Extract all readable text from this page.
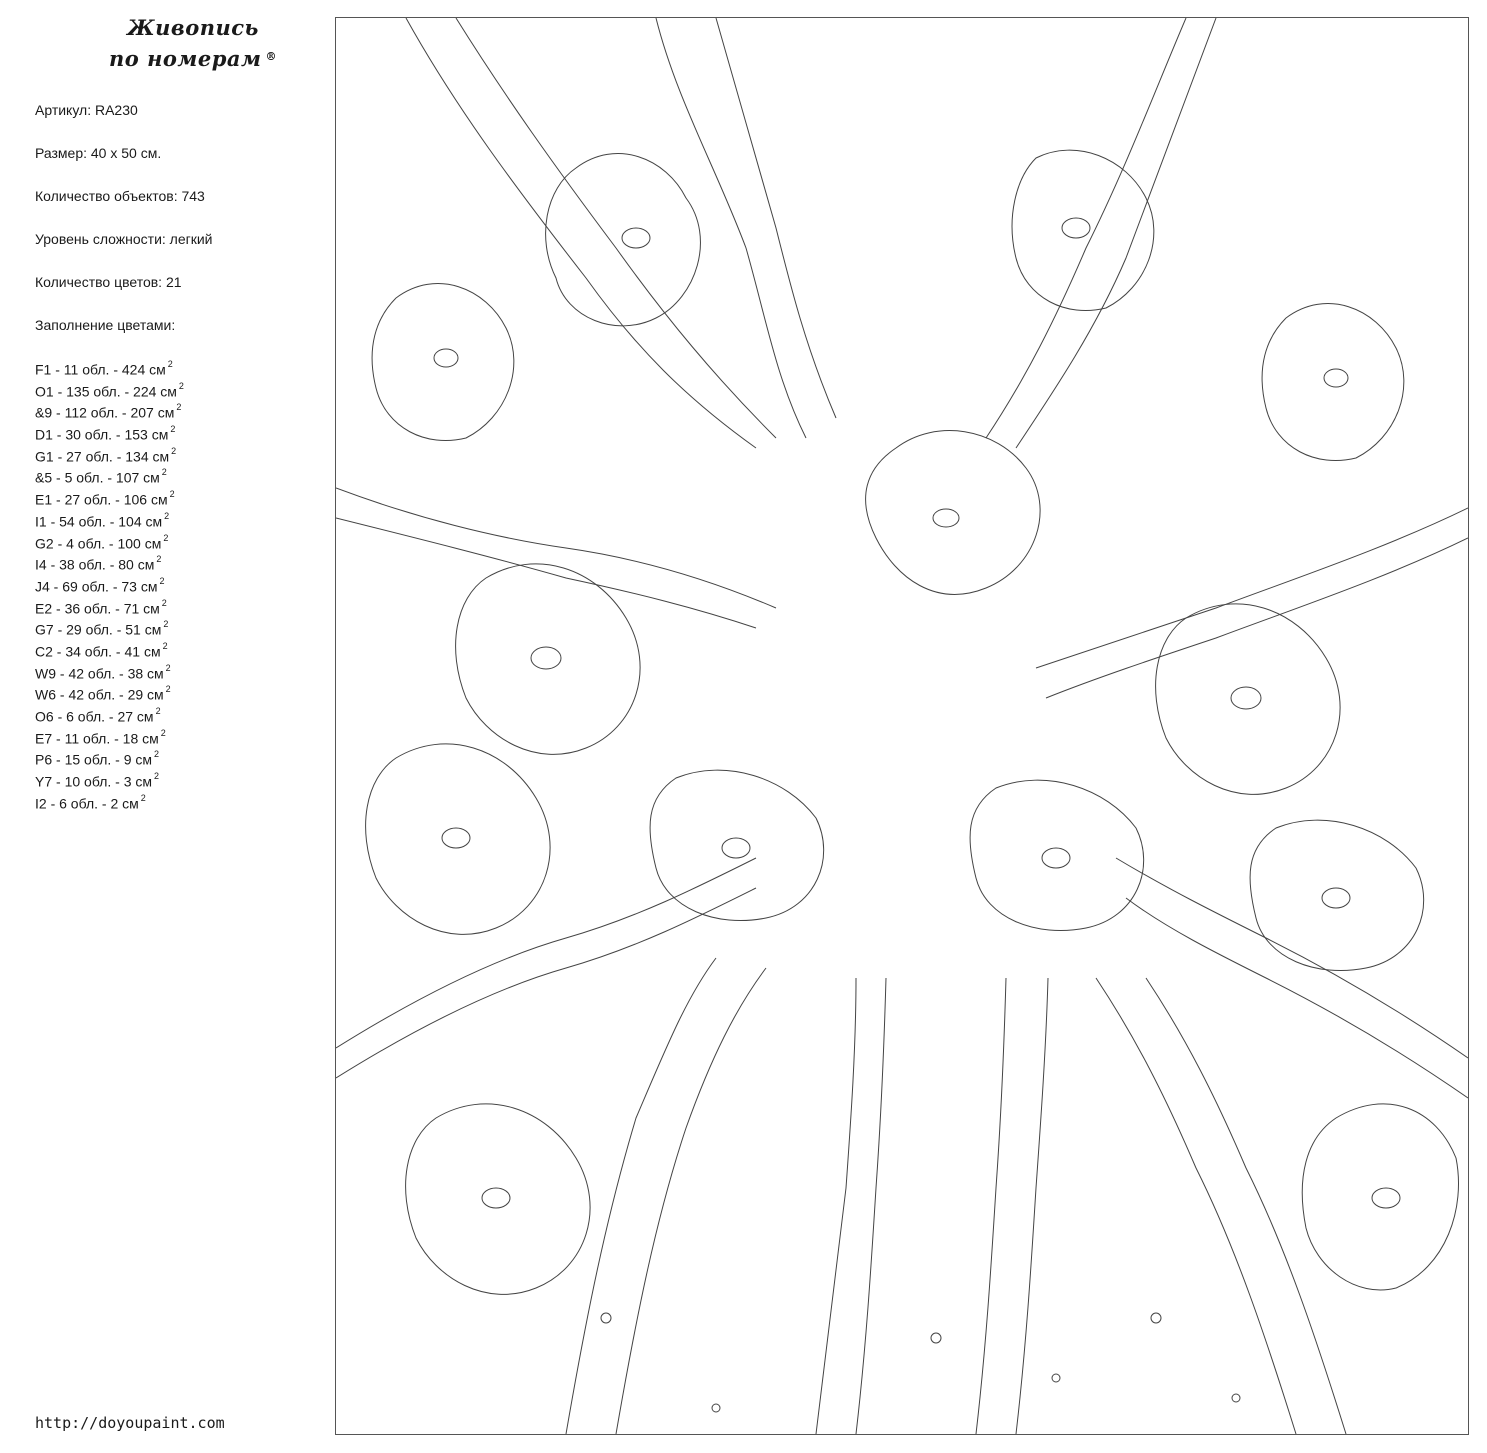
Живопись
по номерам ®
Артикул: RA230
Размер: 40 х 50 см.
Количество объектов: 743
Уровень сложности: легкий
Количество цветов: 21
Заполнение цветами:
F1 - 11 обл. - 424 см $^2$
O1 - 135 обл. - 224 см $^2$
&9 - 112 обл. - 207 см $^2$
D1 - 30 обл. - 153 см $^2$
G1 - 27 обл. - 134 см $^2$
&5 - 5 обл. - 107 см $^2$
E1 - 27 обл. - 106 см $^2$
I1 - 54 обл. - 104 см $^2$
G2 - 4 обл. - 100 см $^2$
I4 - 38 обл. - 80 см $^2$
J4 - 69 обл. - 73 см $^2$
E2 - 36 обл. - 71 см $^2$
G7 - 29 обл. - 51 см $^2$
C2 - 34 обл. - 41 см $^2$
W9 - 42 обл. - 38 см $^2$
W6 - 42 обл. - 29 см $^2$
O6 - 6 обл. - 27 см $^2$
E7 - 11 обл. - 18 см $^2$
P6 - 15 обл. - 9 см $^2$
Y7 - 10 обл. - 3 см $^2$
I2 - 6 обл. - 2 см $^2$
http://doyoupaint.com
